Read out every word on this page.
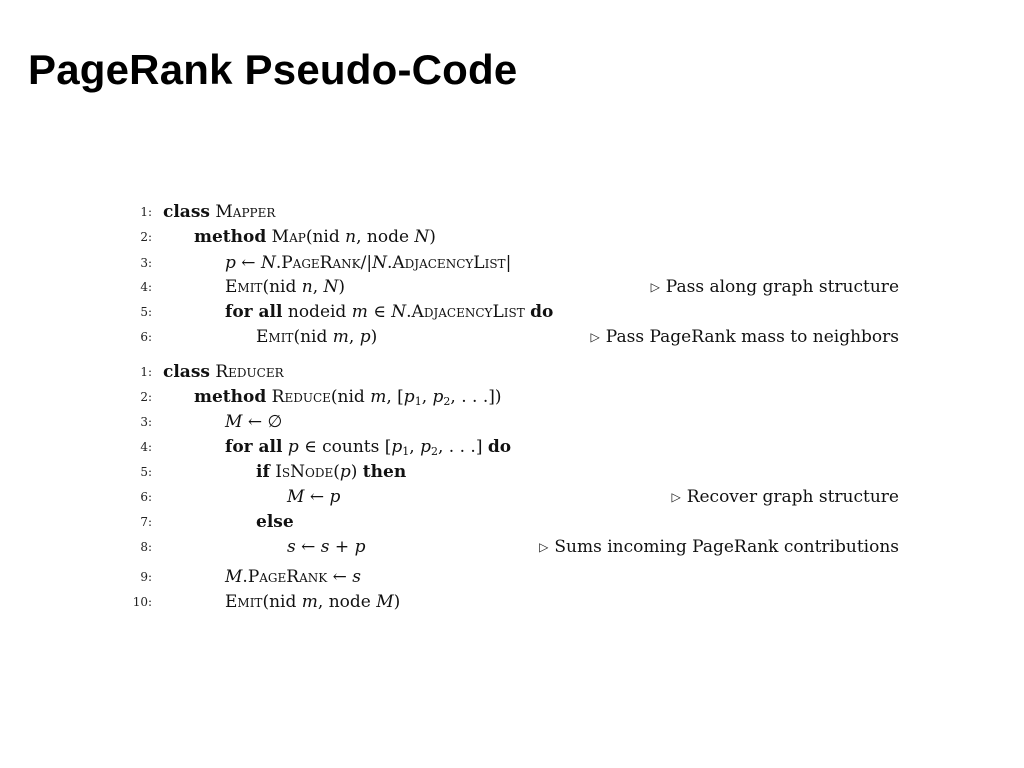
PageRank Pseudo-Code
1: class Mapper
2: method Map(nid n, node N)
3:	p ← N.PageRank/|N.AdjacencyList|
4:	Emit(nid n, N)	▷ Pass along graph structure
5:	for all nodeid m ∈ N.AdjacencyList do
6:	Emit(nid m, p)	▷ Pass PageRank mass to neighbors
1: class Reducer
2: method Reduce(nid m, [$p_1$, $p_2$, . . .])
3:	M ← ∅
4:	for all p ∈ counts [$p_1$, $p_2$, . . .] do
5:	if IsNode(p) then
6:	M ← p	▷ Recover graph structure
7:	else
8:	s ← s + p	▷ Sums incoming PageRank contributions
9:	M.PageRank ← s
10:	Emit(nid m, node M)
